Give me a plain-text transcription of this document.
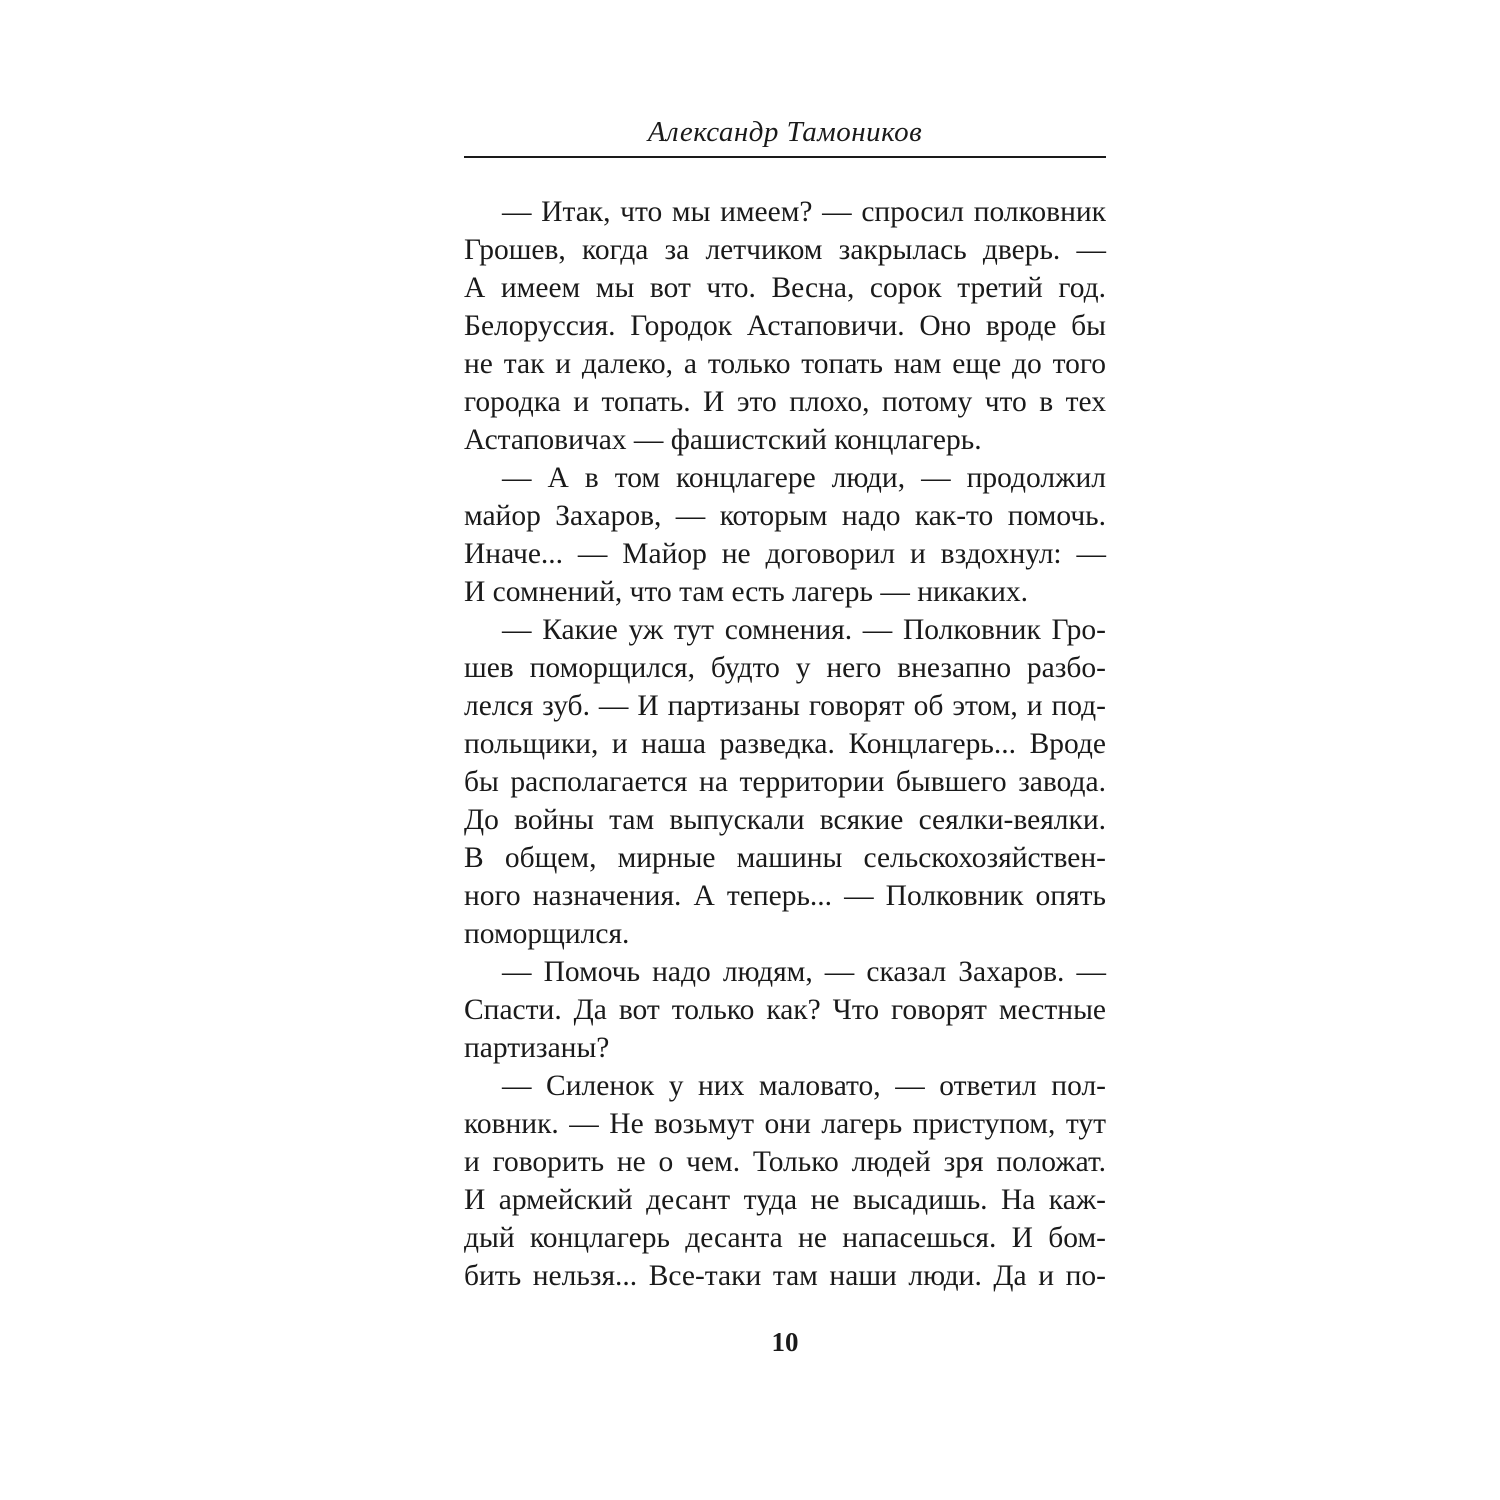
Александр Тамоников
— Итак, что мы имеем? — спросил полковник
Грошев, когда за летчиком закрылась дверь. —
А имеем мы вот что. Весна, сорок третий год.
Белоруссия. Городок Астаповичи. Оно вроде бы
не так и далеко, а только топать нам еще до того
городка и топать. И это плохо, потому что в тех
Астаповичах — фашистский концлагерь.
— А в том концлагере люди, — продолжил
майор Захаров, — которым надо как-то помочь.
Иначе... — Майор не договорил и вздохнул: —
И сомнений, что там есть лагерь — никаких.
— Какие уж тут сомнения. — Полковник Гро-
шев поморщился, будто у него внезапно разбо-
лелся зуб. — И партизаны говорят об этом, и под-
польщики, и наша разведка. Концлагерь... Вроде
бы располагается на территории бывшего завода.
До войны там выпускали всякие сеялки-веялки.
В общем, мирные машины сельскохозяйствен-
ного назначения. А теперь... — Полковник опять
поморщился.
— Помочь надо людям, — сказал Захаров. —
Спасти. Да вот только как? Что говорят местные
партизаны?
— Силенок у них маловато, — ответил пол-
ковник. — Не возьмут они лагерь приступом, тут
и говорить не о чем. Только людей зря положат.
И армейский десант туда не высадишь. На каж-
дый концлагерь десанта не напасешься. И бом-
бить нельзя... Все-таки там наши люди. Да и по-
10
